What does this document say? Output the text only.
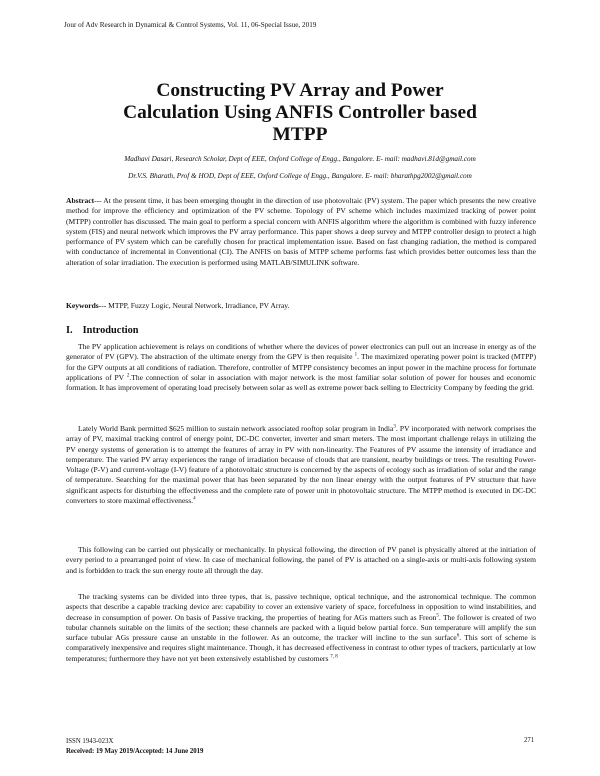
Jour of Adv Research in Dynamical & Control Systems, Vol. 11, 06-Special Issue, 2019
Constructing PV Array and Power
Calculation Using ANFIS Controller based
MTPP
Madhavi Dasari, Research Scholar, Dept of EEE, Oxford College of Engg., Bangalore. E- mail: madhavi.81d@gmail.com
Dr.V.S. Bharath, Prof & HOD, Dept of EEE, Oxford College of Engg., Bangalore. E- mail: bharathpg2002@gmail.com

Abstract--- At the present time, it has been emerging thought in the direction of use photovoltaic (PV) system. The paper which presents the new creative method for improve the efficiency and optimization of the PV scheme. Topology of PV scheme which includes maximized tracking of power point (MTPP) controller has discussed. The main goal to perform a special concern with ANFIS algorithm where the algorithm is combined with fuzzy inference system (FIS) and neural network which improves the PV array performance. This paper shows a deep survey and MTPP controller design to protect a high performance of PV system which can be carefully chosen for practical implementation issue. Based on fast changing radiation, the method is compared with conductance of incremental in Conventional (CI). The ANFIS on basis of MTPP scheme performs fast which provides better outcomes less than the alteration of solar irradiation. The execution is performed using MATLAB/SIMULINK software.

Keywords--- MTPP, Fuzzy Logic, Neural Network, Irradiance, PV Array.

I. Introduction

The PV application achievement is relays on conditions of whether where the devices of power electronics can pull out an increase in energy as of the generator of PV (GPV). The abstraction of the ultimate energy from the GPV is then requisite $^1$. The maximized operating power point is tracked (MTPP) for the GPV outputs at all conditions of radiation. Therefore, controller of MTPP consistency becomes an input power in the machine process for fortunate applications of PV $^2$.The connection of solar in association with major network is the most familiar solar solution of power for houses and economic formation. It has improvement of operating load precisely between solar as well as extreme power back selling to Electricity Company by feeding the grid.

Lately World Bank permitted $625 million to sustain network associated rooftop solar program in India$^3$. PV incorporated with network comprises the array of PV, maximal tracking control of energy point, DC-DC converter, inverter and smart meters. The most important challenge relays in utilizing the PV energy systems of generation is to attempt the features of array in PV with non-linearity. The Features of PV assume the intensity of irradiance and temperature. The varied PV array experiences the range of irradiation because of clouds that are transient, nearby buildings or trees. The resulting Power-Voltage (P-V) and current-voltage (I-V) feature of a photovoltaic structure is concerned by the aspects of ecology such as irradiation of solar and the range of temperature. Searching for the maximal power that has been separated by the non linear energy with the output features of PV structure that have significant aspects for disturbing the effectiveness and the complete rate of power unit in photovoltaic structure. The MTPP method is executed in DC-DC converters to store maximal effectiveness.$^4$

This following can be carried out physically or mechanically. In physical following, the direction of PV panel is physically altered at the initiation of every period to a prearranged point of view. In case of mechanical following, the panel of PV is attached on a single-axis or multi-axis following system and is forbidden to track the sun energy route all through the day.

The tracking systems can be divided into three types, that is, passive technique, optical technique, and the astronomical technique. The common aspects that describe a capable tracking device are: capability to cover an extensive variety of space, forcefulness in opposition to wind instabilities, and decrease in consumption of power. On basis of Passive tracking, the properties of heating for AGs matters such as Freon$^5$. The follower is created of two tubular channels suitable on the limits of the section; these channels are packed with a liquid below partial force. Sun temperature will amplify the sun surface tubular AGs pressure cause an unstable in the follower. As an outcome, the tracker will incline to the sun surface$^6$. This sort of scheme is comparatively inexpensive and requires slight maintenance. Though, it has decreased effectiveness in contrast to other types of trackers, particularly at low temperatures; furthermore they have not yet been extensively established by customers $^{7, 8}$

ISSN 1943-023X
Received: 19 May 2019/Accepted: 14 June 2019
271
